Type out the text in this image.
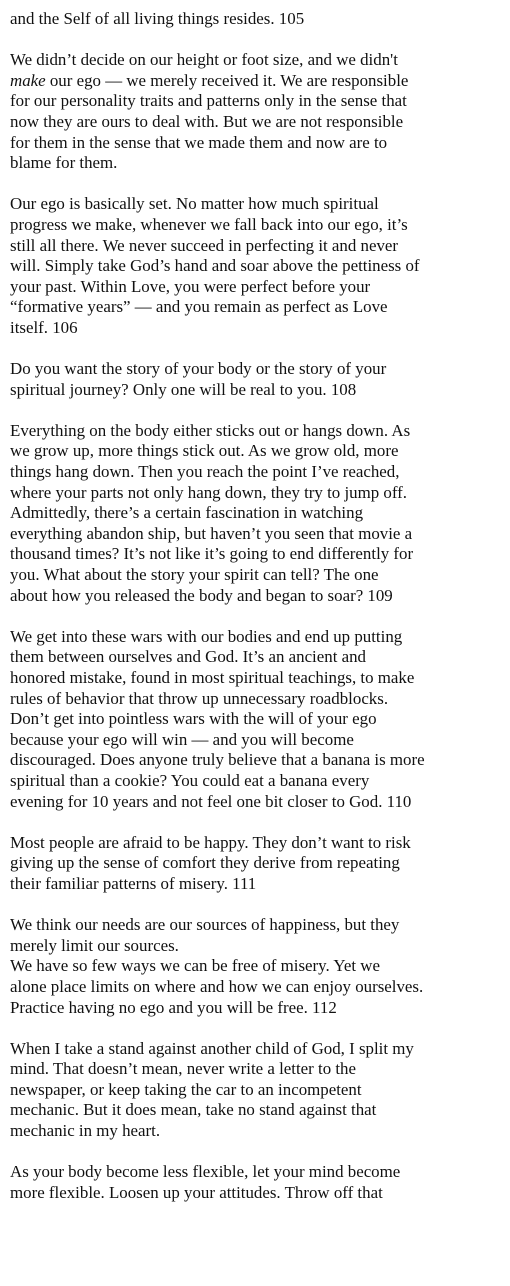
and the Self of all living things resides. 105
We didn’t decide on our height or foot size, and we didn't
make our ego — we merely received it. We are responsible
for our personality traits and patterns only in the sense that
now they are ours to deal with. But we are not responsible
for them in the sense that we made them and now are to
blame for them.
Our ego is basically set. No matter how much spiritual
progress we make, whenever we fall back into our ego, it’s
still all there. We never succeed in perfecting it and never
will. Simply take God’s hand and soar above the pettiness of
your past. Within Love, you were perfect before your
“formative years” — and you remain as perfect as Love
itself. 106
Do you want the story of your body or the story of your
spiritual journey? Only one will be real to you. 108
Everything on the body either sticks out or hangs down. As
we grow up, more things stick out. As we grow old, more
things hang down. Then you reach the point I’ve reached,
where your parts not only hang down, they try to jump off.
Admittedly, there’s a certain fascination in watching
everything abandon ship, but haven’t you seen that movie a
thousand times? It’s not like it’s going to end differently for
you. What about the story your spirit can tell? The one
about how you released the body and began to soar? 109
We get into these wars with our bodies and end up putting
them between ourselves and God. It’s an ancient and
honored mistake, found in most spiritual teachings, to make
rules of behavior that throw up unnecessary roadblocks.
Don’t get into pointless wars with the will of your ego
because your ego will win — and you will become
discouraged. Does anyone truly believe that a banana is more
spiritual than a cookie? You could eat a banana every
evening for 10 years and not feel one bit closer to God. 110
Most people are afraid to be happy. They don’t want to risk
giving up the sense of comfort they derive from repeating
their familiar patterns of misery. 111
We think our needs are our sources of happiness, but they
merely limit our sources.
We have so few ways we can be free of misery. Yet we
alone place limits on where and how we can enjoy ourselves.
Practice having no ego and you will be free. 112
When I take a stand against another child of God, I split my
mind. That doesn’t mean, never write a letter to the
newspaper, or keep taking the car to an incompetent
mechanic. But it does mean, take no stand against that
mechanic in my heart.
As your body become less flexible, let your mind become
more flexible. Loosen up your attitudes. Throw off that
